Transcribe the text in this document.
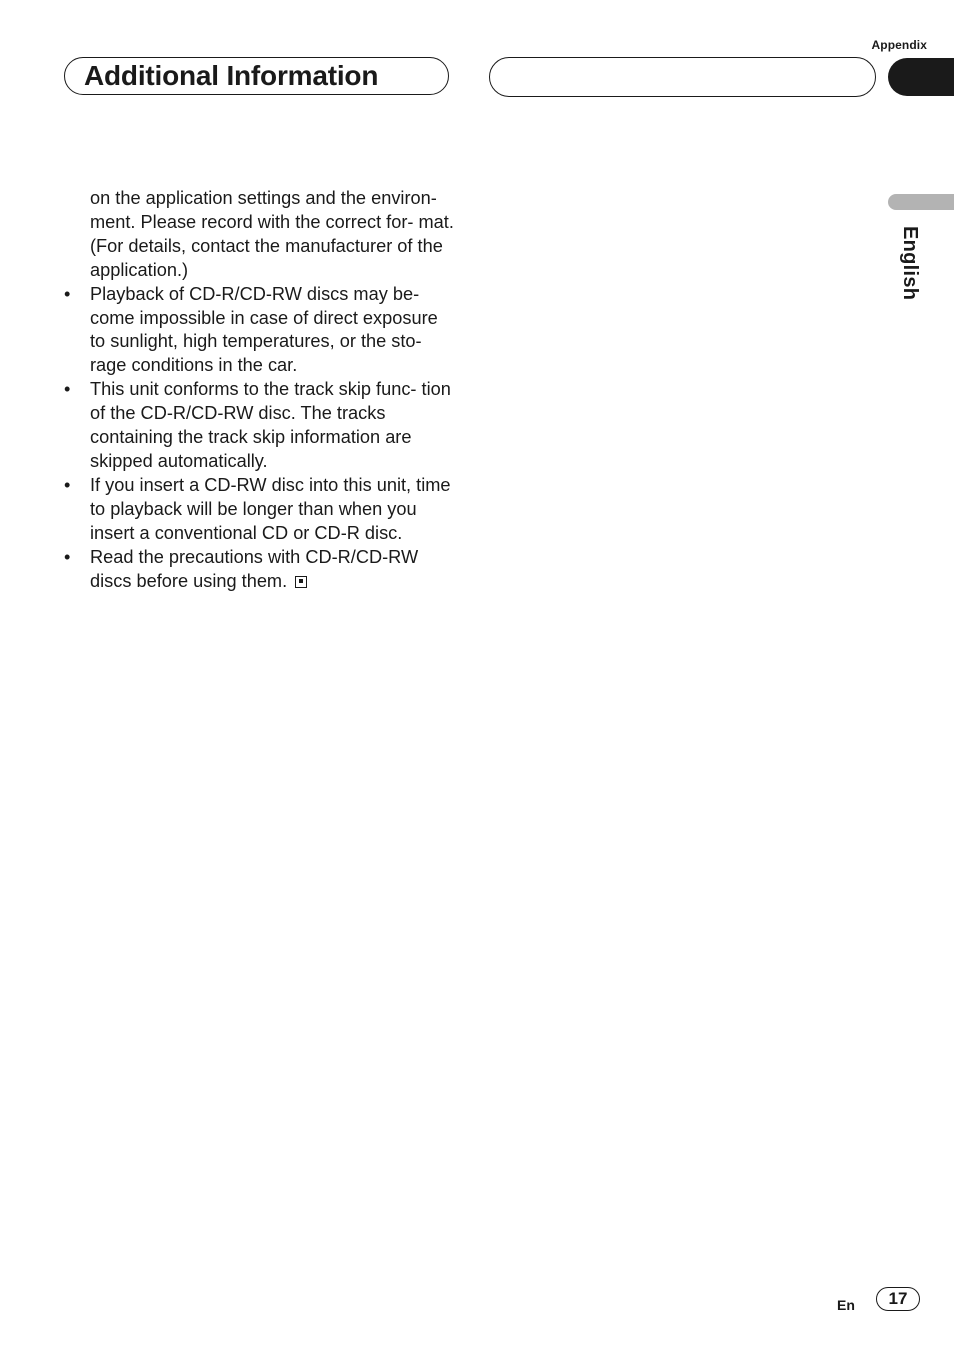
Appendix
Additional Information
English

on the application settings and the environ- ment. Please record with the correct for- mat. (For details, contact the manufacturer of the application.)

•	Playback of CD-R/CD-RW discs may be- come impossible in case of direct exposure to sunlight, high temperatures, or the sto- rage conditions in the car.
•	This unit conforms to the track skip func- tion of the CD-R/CD-RW disc. The tracks containing the track skip information are skipped automatically.
•	If you insert a CD-RW disc into this unit, time to playback will be longer than when you insert a conventional CD or CD-R disc.
•	Read the precautions with CD-R/CD-RW discs before using them.
En	17
